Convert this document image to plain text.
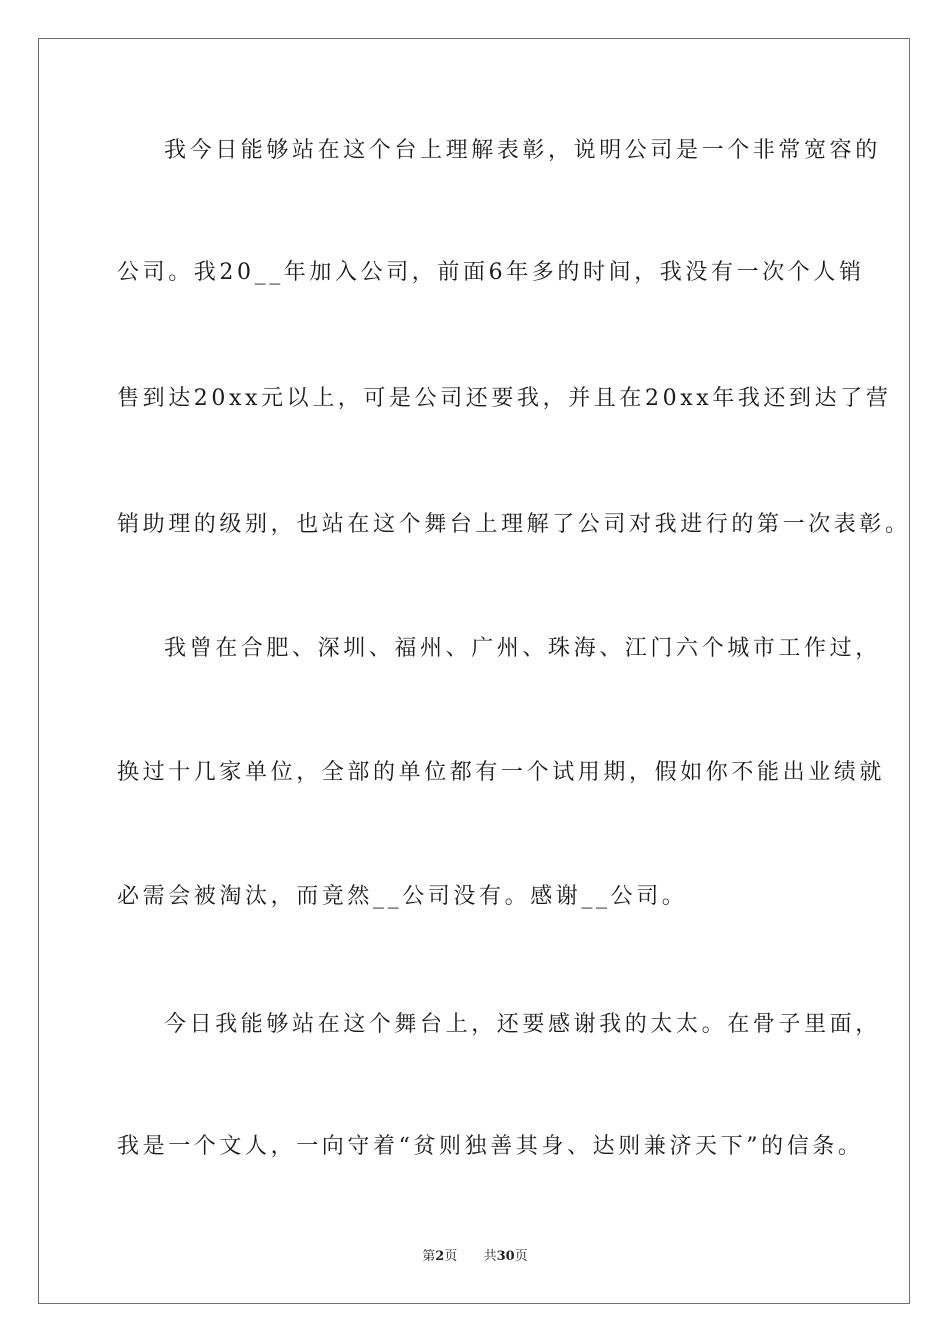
我今日能够站在这个台上理解表彰，说明公司是一个非常宽容的
公司。我20__年加入公司，前面6年多的时间，我没有一次个人销
售到达20xx元以上，可是公司还要我，并且在20xx年我还到达了营
销助理的级别，也站在这个舞台上理解了公司对我进行的第一次表彰。
我曾在合肥、深圳、福州、广州、珠海、江门六个城市工作过，
换过十几家单位，全部的单位都有一个试用期，假如你不能出业绩就
必需会被淘汰，而竟然__公司没有。感谢__公司。
今日我能够站在这个舞台上，还要感谢我的太太。在骨子里面，
我是一个文人，一向守着“贫则独善其身、达则兼济天下”的信条。
第2页 共30页
